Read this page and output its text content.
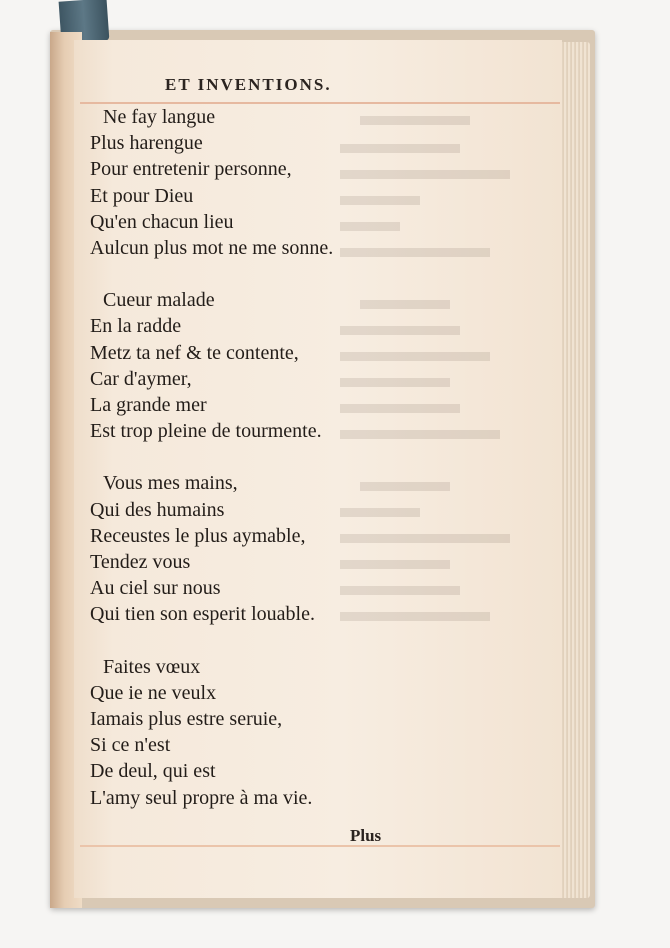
ET INVENTIONS.
Ne fay langue
Plus harengue
Pour entretenir personne,
Et pour Dieu
Qu'en chacun lieu
Aulcun plus mot ne me sonne.
Cueur malade
En la radde
Metz ta nef & te contente,
Car d'aymer,
La grande mer
Est trop pleine de tourmente.
Vous mes mains,
Qui des humains
Receustes le plus aymable,
Tendez vous
Au ciel sur nous
Qui tien son esperit louable.
Faites vœux
Que ie ne veulx
Iamais plus estre seruie,
Si ce n'est
De deul, qui est
L'amy seul propre à ma vie.
Plus
